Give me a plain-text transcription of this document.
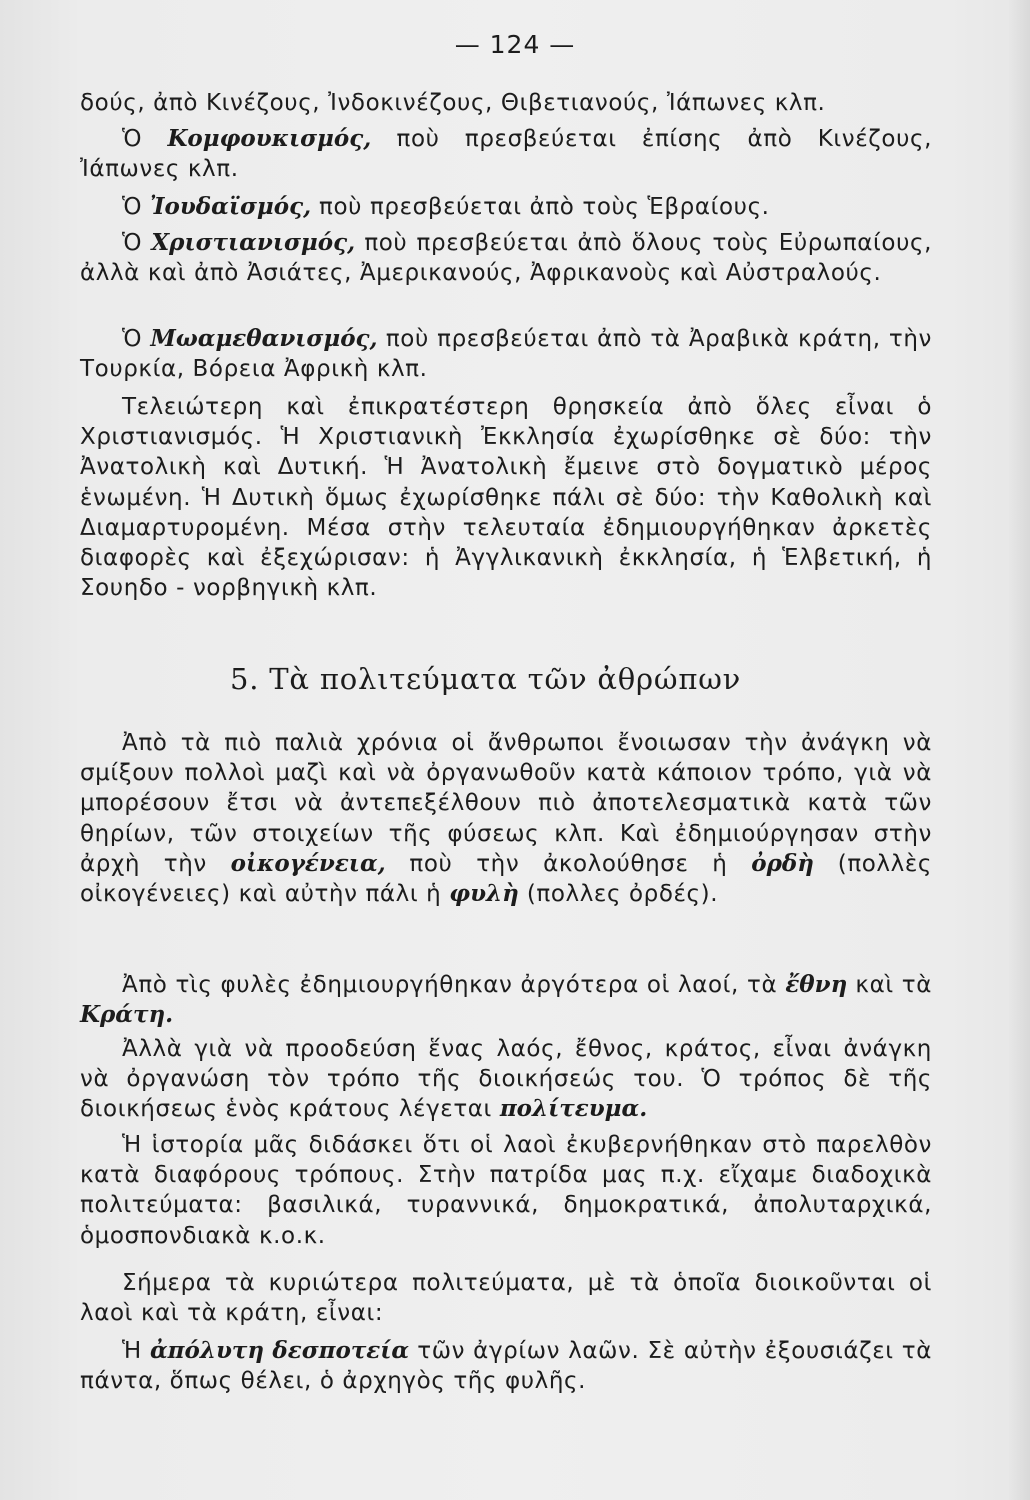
— 124 —

δούς, ἀπὸ Κινέζους, Ἰνδοκινέζους, Θιβετιανούς, Ἰάπωνες κλπ.

Ὁ Κομφουκισμός, ποὺ πρεσβεύεται ἐπίσης ἀπὸ Κινέζους, Ἰάπωνες κλπ.

Ὁ Ἰουδαϊσμός, ποὺ πρεσβεύεται ἀπὸ τοὺς Ἑβραίους.

Ὁ Χριστιανισμός, ποὺ πρεσβεύεται ἀπὸ ὅλους τοὺς Εὐρωπαίους, ἀλλὰ καὶ ἀπὸ Ἀσιάτες, Ἀμερικανούς, Ἀφρικανοὺς καὶ Αὐστραλούς.

Ὁ Μωαμεθανισμός, ποὺ πρεσβεύεται ἀπὸ τὰ Ἀραβικὰ κράτη, τὴν Τουρκία, Βόρεια Ἀφρικὴ κλπ.

Τελειώτερη καὶ ἐπικρατέστερη θρησκεία ἀπὸ ὅλες εἶναι ὁ Χριστιανισμός. Ἡ Χριστιανικὴ Ἐκκλησία ἐχωρίσθηκε σὲ δύο: τὴν Ἀνατολικὴ καὶ Δυτική. Ἡ Ἀνατολικὴ ἔμεινε στὸ δογματικὸ μέρος ἑνωμένη. Ἡ Δυτικὴ ὅμως ἐχωρίσθηκε πάλι σὲ δύο: τὴν Καθολικὴ καὶ Διαμαρτυρομένη. Μέσα στὴν τελευταία ἐδημιουργήθηκαν ἀρκετὲς διαφορὲς καὶ ἐξεχώρισαν: ἡ Ἀγγλικανικὴ ἐκκλησία, ἡ Ἑλβετική, ἡ Σουηδο - νορβηγικὴ κλπ.

5. Τὰ πολιτεύματα τῶν ἀθρώπων

Ἀπὸ τὰ πιὸ παλιὰ χρόνια οἱ ἄνθρωποι ἔνοιωσαν τὴν ἀνάγκη νὰ σμίξουν πολλοὶ μαζὶ καὶ νὰ ὀργανωθοῦν κατὰ κάποιον τρόπο, γιὰ νὰ μπορέσουν ἔτσι νὰ ἀντεπεξέλθουν πιὸ ἀποτελεσματικὰ κατὰ τῶν θηρίων, τῶν στοιχείων τῆς φύσεως κλπ. Καὶ ἐδημιούργησαν στὴν ἀρχὴ τὴν οἰκογένεια, ποὺ τὴν ἀκολούθησε ἡ ὀρδὴ (πολλὲς οἰκογένειες) καὶ αὐτὴν πάλι ἡ φυλὴ (πολλες ὀρδές).

Ἀπὸ τὶς φυλὲς ἐδημιουργήθηκαν ἀργότερα οἱ λαοί, τὰ ἔθνη καὶ τὰ Κράτη.

Ἀλλὰ γιὰ νὰ προοδεύση ἕνας λαός, ἔθνος, κράτος, εἶναι ἀνάγκη νὰ ὀργανώση τὸν τρόπο τῆς διοικήσεώς του. Ὁ τρόπος δὲ τῆς διοικήσεως ἑνὸς κράτους λέγεται πολίτευμα.

Ἡ ἱστορία μᾶς διδάσκει ὅτι οἱ λαοὶ ἐκυβερνήθηκαν στὸ παρελθὸν κατὰ διαφόρους τρόπους. Στὴν πατρίδα μας π.χ. εἴχαμε διαδοχικὰ πολιτεύματα: βασιλικά, τυραννικά, δημοκρατικά, ἀπολυταρχικά, ὁμοσπονδιακὰ κ.ο.κ.

Σήμερα τὰ κυριώτερα πολιτεύματα, μὲ τὰ ὁποῖα διοικοῦνται οἱ λαοὶ καὶ τὰ κράτη, εἶναι:

Ἡ ἀπόλυτη δεσποτεία τῶν ἀγρίων λαῶν. Σὲ αὐτὴν ἐξουσιάζει τὰ πάντα, ὅπως θέλει, ὁ ἀρχηγὸς τῆς φυλῆς.
